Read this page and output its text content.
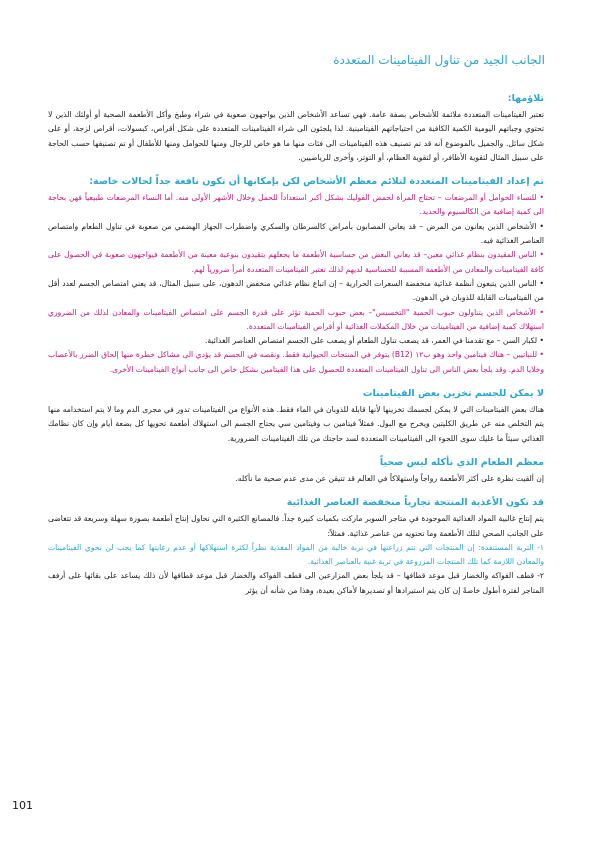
الجانب الجيد من تناول الفيتامينات المتعددة
تلاؤمها:

تعتبر الفيتامينات المتعددة ملائمة للأشخاص بصفة عامة. فهي تساعد الأشخاص الذين يواجهون صعوبة في شراء وطبخ وأكل الأطعمة الصحية أو أولئك الذين لا تحتوي وجباتهم اليومية الكمية الكافية من احتياجاتهم الفيتامينية. لذا يلجئون الى شراء الفيتامينات المتعددة على شكل أقراص، كبسولات، أقراص لزجة، أو على شكل سائل. والجميل بالموضوع أنه قد تم تصنيف هذه الفيتامينات الى فئات منها ما هو خاص للرجال ومنها للحوامل ومنها للأطفال أو تم تصنيفها حسب الحاجة على سبيل المثال لتقوية الأظافر، أو لتقوية العظام، أو التوتر، وأخرى للرياضيين.

تم إعداد الفيتامينات المتعددة لتلائم معظم الأشخاص لكن بإمكانها أن تكون نافعة جداً لحالات خاصة:

• للنساء الحوامل أو المرضعات – تحتاج المرأة لحمض الفوليك بشكل أكبر استعداداً للحمل وخلال الأشهر الأولى منه. أما النساء المرضعات طبيعياً فهن بحاجة الى كمية إضافية من الكالسيوم والحديد.

• الأشخاص الذين يعانون من المرض – قد يعاني المصابون بأمراض كالسرطان والسكري واضطراب الجهاز الهضمي من صعوبة في تناول الطعام وامتصاص العناصر الغذائية فيه.

• الناس المقيدون بنظام غذائي معين– قد يعاني البعض من حساسية الأطعمة ما يجعلهم يتقيدون بنوعية معينة من الأطعمة فيواجهون صعوبة في الحصول على كافة الفيتامينات والمعادن من الأطعمة المسببة للحساسية لديهم لذلك تعتبر الفيتامينات المتعددة أمراً ضرورياً لهم.

• الناس الذين يتبعون أنظمة غذائية منخفضة السعرات الحرارية – إن اتباع نظام غذائي منخفض الدهون، على سبيل المثال، قد يعني امتصاص الجسم لعدد أقل من الفيتامينات القابلة للذوبان في الدهون.

• الأشخاص الذين يتناولون حبوب الحمية "التخسيس"– بعض حبوب الحمية تؤثر على قدرة الجسم على امتصاص الفيتامينات والمعادن لذلك من الضروري استهلاك كمية إضافية من الفيتامينات من خلال المكملات الغذائية أو أقراص الفيتامينات المتعددة.

• لكبار السن – مع تقدمنا في العمر، قد يصعب تناول الطعام أو يصعب على الجسم امتصاص العناصر الغذائية.

• للنباتيين – هناك فيتامين واحد وهو ب١٢ (B12) يتوفر في المنتجات الحيوانية فقط. ونقصه في الجسم قد يؤدي الى مشاكل خطرة منها إلحاق الضرر بالأعصاب وخلايا الدم. وقد يلجأ بعض الناس الى تناول الفيتامينات المتعددة للحصول على هذا الفيتامين بشكل خاص الى جانب أنواع الفيتامينات الأخرى.

لا يمكن للجسم تخزين بعض الفيتامينات

هناك بعض الفيتامينات التي لا يمكن لجسمك تخزينها لأنها قابلة للذوبان في الماء فقط. هذه الأنواع من الفيتامينات تدور في مجرى الدم وما لا يتم استخدامه منها يتم التخلص منه عن طريق الكليتين ويخرج مع البول. فمثلاً فيتامين ب وفيتامين سي يحتاج الجسم الى استهلاك أطعمة تحويها كل بضعة أيام وإن كان نظامك الغذائي سيئاً ما عليك سوى اللجوء الى الفيتامينات المتعددة لسد حاجتك من تلك الفيتامينات الضرورية.

معظم الطعام الذي نأكله ليس صحياً

إن ألقيت نظرة على أكثر الأطعمة رواجاً واستهلاكاً في العالم قد تتيقن عن مدى عدم صحية ما نأكله.

قد تكون الأغذية المنتجة تجارياً منخفضة العناصر الغذائية

يتم إنتاج غالبية المواد الغذائية الموجودة في متاجر السوبر ماركت بكميات كبيرة جداً. فالمصانع الكثيرة التي تحاول إنتاج أطعمة بصورة سهلة وسريعة قد تتغاضى على الجانب الصحي لتلك الأطعمة وما تحتويه من عناصر غذائية. فمثلاً:

١- التربة المستنفدة: إن المنتجات التي تتم زراعتها في تربة خالية من المواد المغذية نظراً لكثرة استهلاكها أو عدم رعايتها كما يجب لن تحوي الفيتامينات والمعادن اللازمة كما تلك المنتجات المزروعة في تربة غنية بالعناصر الغذائية.

٢- قطف الفواكه والخضار قبل موعد قطافها – قد يلجأ بعض المزارعين الى قطف الفواكه والخضار قبل موعد قطافها لأن ذلك يساعد على بقائها على أرفف المتاجر لفترة أطول خاصةً إن كان يتم استيرادها أو تصديرها لأماكن بعيدة، وهذا من شأنه أن يؤثر

101
